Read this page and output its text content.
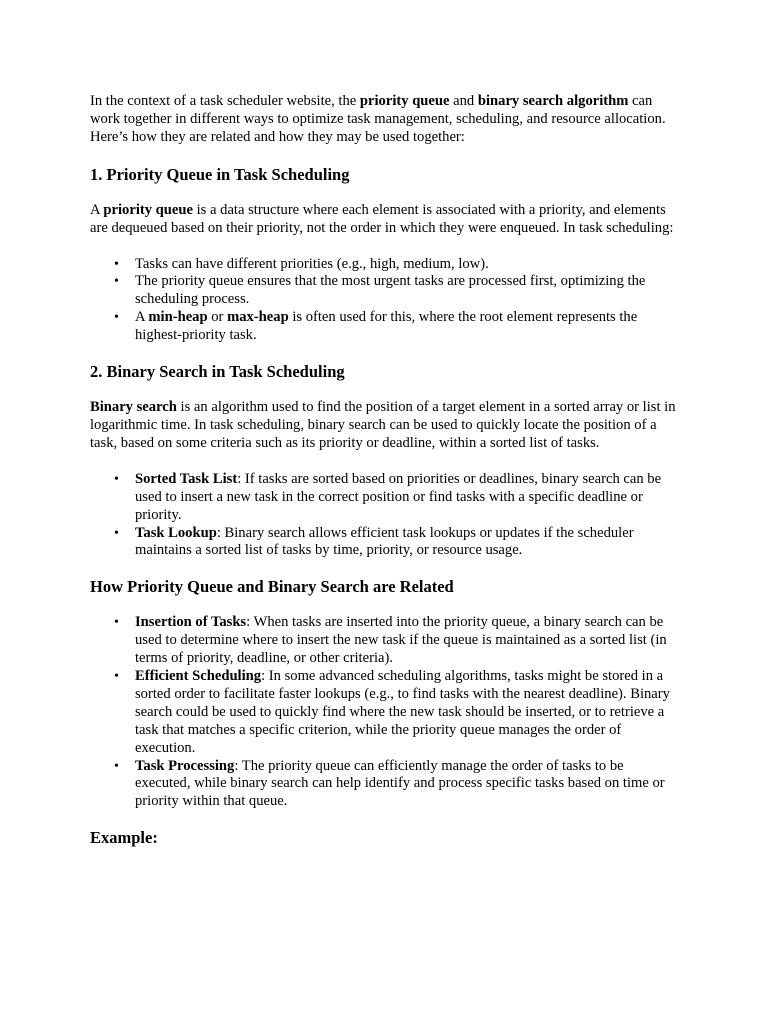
In the context of a task scheduler website, the priority queue and binary search algorithm can work together in different ways to optimize task management, scheduling, and resource allocation. Here’s how they are related and how they may be used together:

1. Priority Queue in Task Scheduling

A priority queue is a data structure where each element is associated with a priority, and elements are dequeued based on their priority, not the order in which they were enqueued. In task scheduling:

• Tasks can have different priorities (e.g., high, medium, low).
• The priority queue ensures that the most urgent tasks are processed first, optimizing the scheduling process.
• A min-heap or max-heap is often used for this, where the root element represents the highest-priority task.
2. Binary Search in Task Scheduling

Binary search is an algorithm used to find the position of a target element in a sorted array or list in logarithmic time. In task scheduling, binary search can be used to quickly locate the position of a task, based on some criteria such as its priority or deadline, within a sorted list of tasks.

• Sorted Task List: If tasks are sorted based on priorities or deadlines, binary search can be used to insert a new task in the correct position or find tasks with a specific deadline or priority.
• Task Lookup: Binary search allows efficient task lookups or updates if the scheduler maintains a sorted list of tasks by time, priority, or resource usage.
How Priority Queue and Binary Search are Related
• Insertion of Tasks: When tasks are inserted into the priority queue, a binary search can be used to determine where to insert the new task if the queue is maintained as a sorted list (in terms of priority, deadline, or other criteria).
• Efficient Scheduling: In some advanced scheduling algorithms, tasks might be stored in a sorted order to facilitate faster lookups (e.g., to find tasks with the nearest deadline). Binary search could be used to quickly find where the new task should be inserted, or to retrieve a task that matches a specific criterion, while the priority queue manages the order of execution.
• Task Processing: The priority queue can efficiently manage the order of tasks to be executed, while binary search can help identify and process specific tasks based on time or priority within that queue.
Example:
